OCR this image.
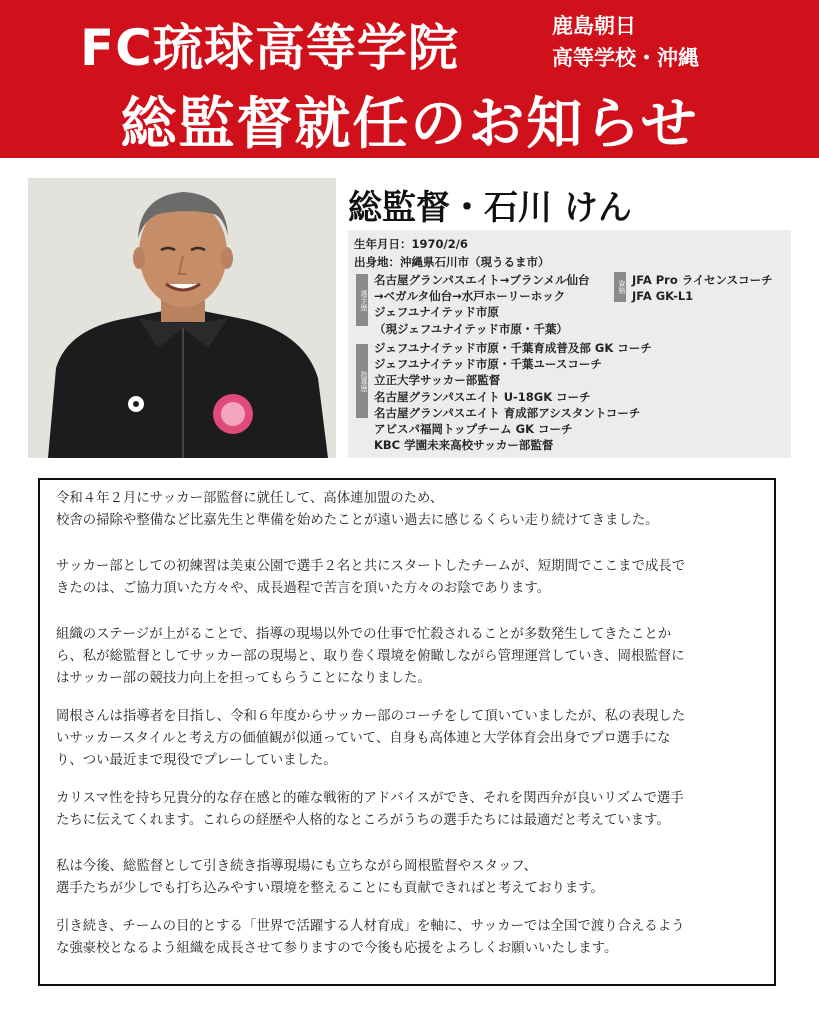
FC琉球高等学院	鹿島朝日
高等学校・沖縄
総監督就任のお知らせ
総監督・石川 けん
生年月日：1970/2/6
出身地：沖縄県石川市（現うるま市）
選手歴
名古屋グランパスエイト→ブランメル仙台
→ベガルタ仙台→水戸ホーリーホック
ジェフユナイテッド市原
（現ジェフユナイテッド市原・千葉）
資格 JFA Pro ライセンスコーチ
JFA GK-L1
指導歴
ジェフユナイテッド市原・千葉育成普及部 GK コーチ
ジェフユナイテッド市原・千葉ユースコーチ
立正大学サッカー部監督
名古屋グランパスエイト U-18GK コーチ
名古屋グランパスエイト 育成部アシスタントコーチ
アビスパ福岡トップチーム GK コーチ
KBC 学園未来高校サッカー部監督
令和４年２月にサッカー部監督に就任して、高体連加盟のため、
校舎の掃除や整備など比嘉先生と準備を始めたことが遠い過去に感じるくらい走り続けてきました。
サッカー部としての初練習は美東公園で選手２名と共にスタートしたチームが、短期間でここまで成長で
きたのは、ご協力頂いた方々や、成長過程で苦言を頂いた方々のお陰であります。
組織のステージが上がることで、指導の現場以外での仕事で忙殺されることが多数発生してきたことか
ら、私が総監督としてサッカー部の現場と、取り巻く環境を俯瞰しながら管理運営していき、岡根監督に
はサッカー部の競技力向上を担ってもらうことになりました。
岡根さんは指導者を目指し、令和６年度からサッカー部のコーチをして頂いていましたが、私の表現した
いサッカースタイルと考え方の価値観が似通っていて、自身も高体連と大学体育会出身でプロ選手にな
り、つい最近まで現役でプレーしていました。
カリスマ性を持ち兄貴分的な存在感と的確な戦術的アドバイスができ、それを関西弁が良いリズムで選手
たちに伝えてくれます。これらの経歴や人格的なところがうちの選手たちには最適だと考えています。
私は今後、総監督として引き続き指導現場にも立ちながら岡根監督やスタッフ、
選手たちが少しでも打ち込みやすい環境を整えることにも貢献できればと考えております。
引き続き、チームの目的とする「世界で活躍する人材育成」を軸に、サッカーでは全国で渡り合えるよう
な強豪校となるよう組織を成長させて参りますので今後も応援をよろしくお願いいたします。
